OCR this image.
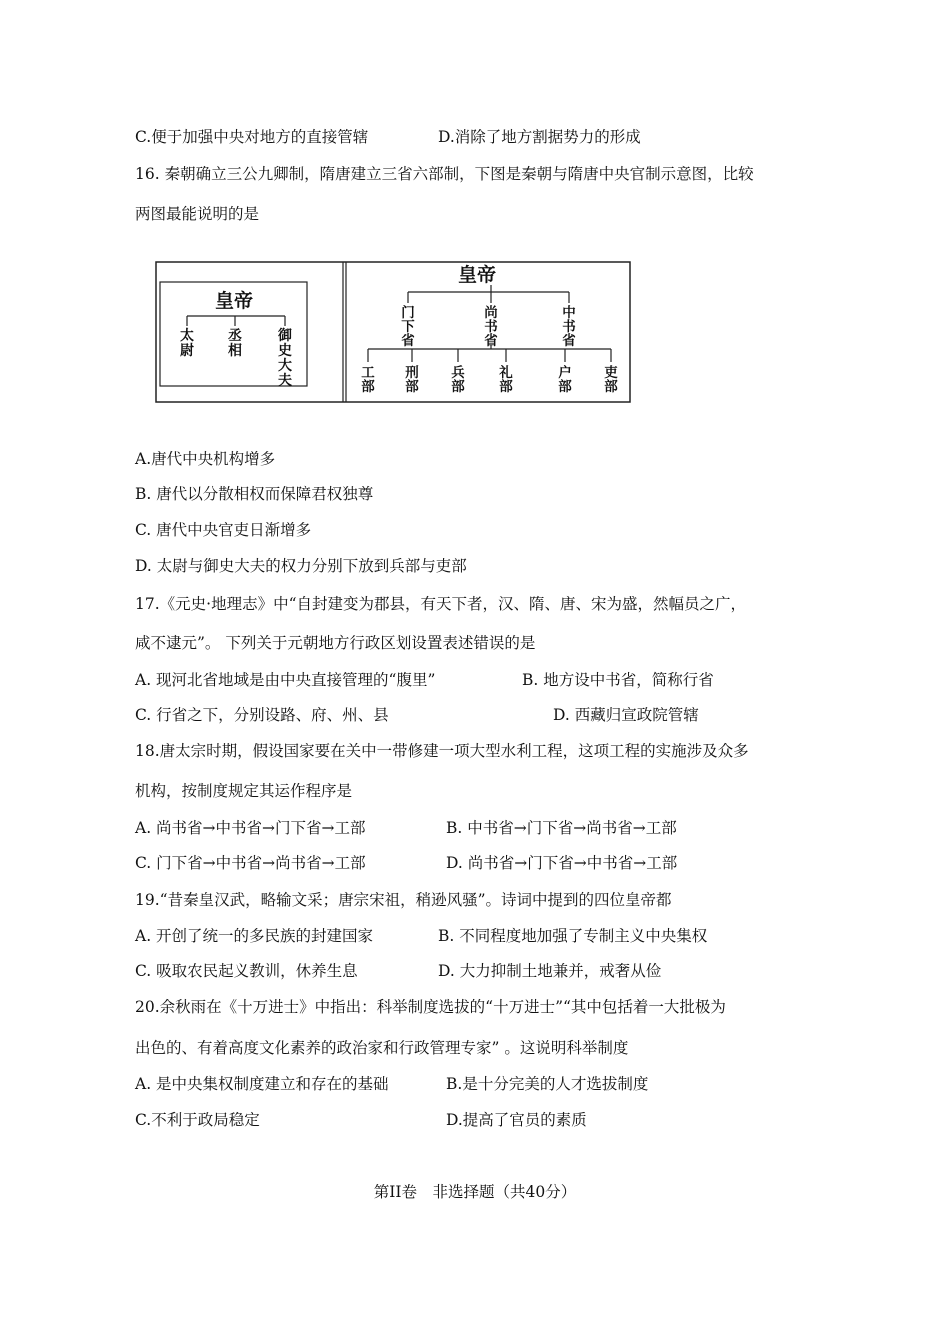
C.便于加强中央对地方的直接管辖	D.消除了地方割据势力的形成
16. 秦朝确立三公九卿制，隋唐建立三省六部制，下图是秦朝与隋唐中央官制示意图，比较
两图最能说明的是
皇帝
太
尉
丞
相
御
史
大
夫
皇帝
门
下
省
尚
书
省
中
书
省
工
部
刑
部
兵
部
礼
部
户
部
吏
部
A.唐代中央机构增多
B. 唐代以分散相权而保障君权独尊
C. 唐代中央官吏日渐增多
D. 太尉与御史大夫的权力分别下放到兵部与吏部
17.《元史·地理志》中“自封建变为郡县，有天下者，汉、隋、唐、宋为盛，然幅员之广，
咸不逮元”。 下列关于元朝地方行政区划设置表述错误的是
A. 现河北省地域是由中央直接管理的“腹里”	B. 地方设中书省，简称行省
C. 行省之下，分别设路、府、州、县	D. 西藏归宣政院管辖
18.唐太宗时期，假设国家要在关中一带修建一项大型水利工程，这项工程的实施涉及众多
机构，按制度规定其运作程序是
A. 尚书省→中书省→门下省→工部	B. 中书省→门下省→尚书省→工部
C. 门下省→中书省→尚书省→工部	D. 尚书省→门下省→中书省→工部
19.“昔秦皇汉武，略输文采；唐宗宋祖，稍逊风骚”。诗词中提到的四位皇帝都
A. 开创了统一的多民族的封建国家	B. 不同程度地加强了专制主义中央集权
C. 吸取农民起义教训，休养生息	D. 大力抑制土地兼并，戒奢从俭
20.余秋雨在《十万进士》中指出：科举制度选拔的“十万进士”“其中包括着一大批极为
出色的、有着高度文化素养的政治家和行政管理专家” 。这说明科举制度
A. 是中央集权制度建立和存在的基础	B.是十分完美的人才选拔制度
C.不利于政局稳定	D.提高了官员的素质
第II卷　非选择题（共40分）
